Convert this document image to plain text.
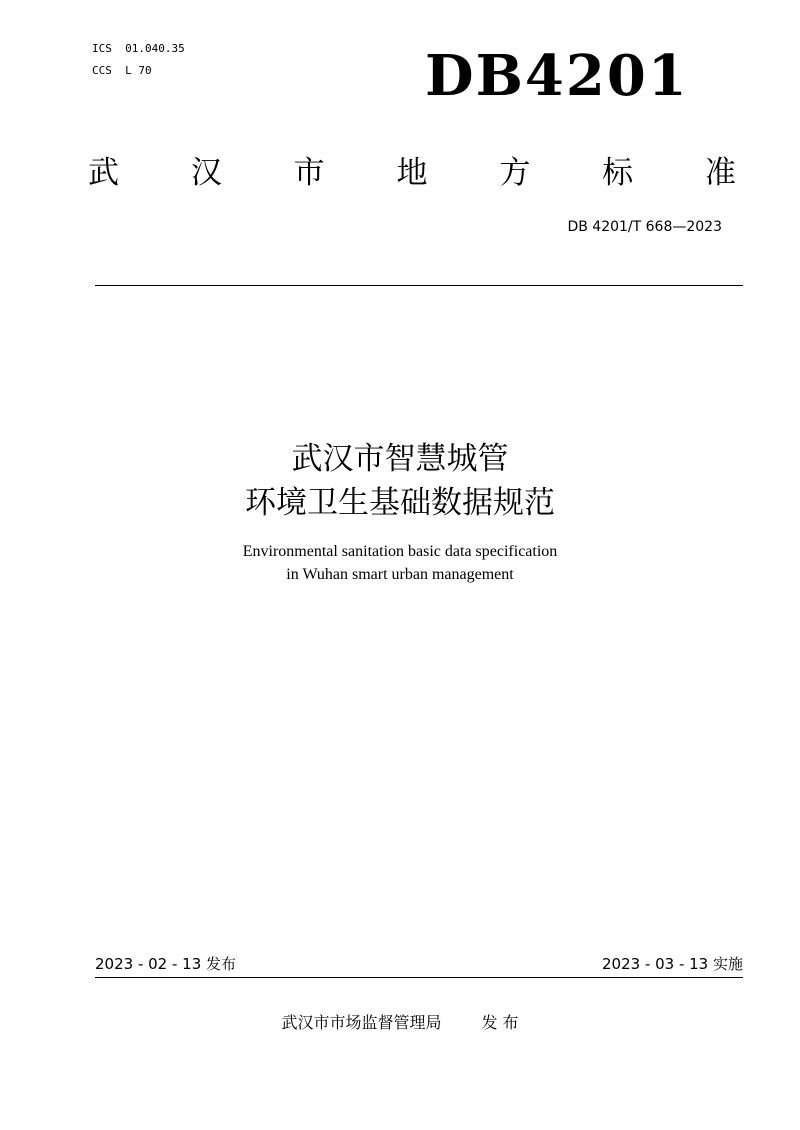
ICS  01.040.35
CCS  L 70	DB4201
武 汉 市 地 方 标 准
DB 4201/T 668—2023
武汉市智慧城管
环境卫生基础数据规范
Environmental sanitation basic data specification
in Wuhan smart urban management
2023 - 02 - 13 发布	2023 - 03 - 13 实施
武汉市市场监督管理局	发 布
